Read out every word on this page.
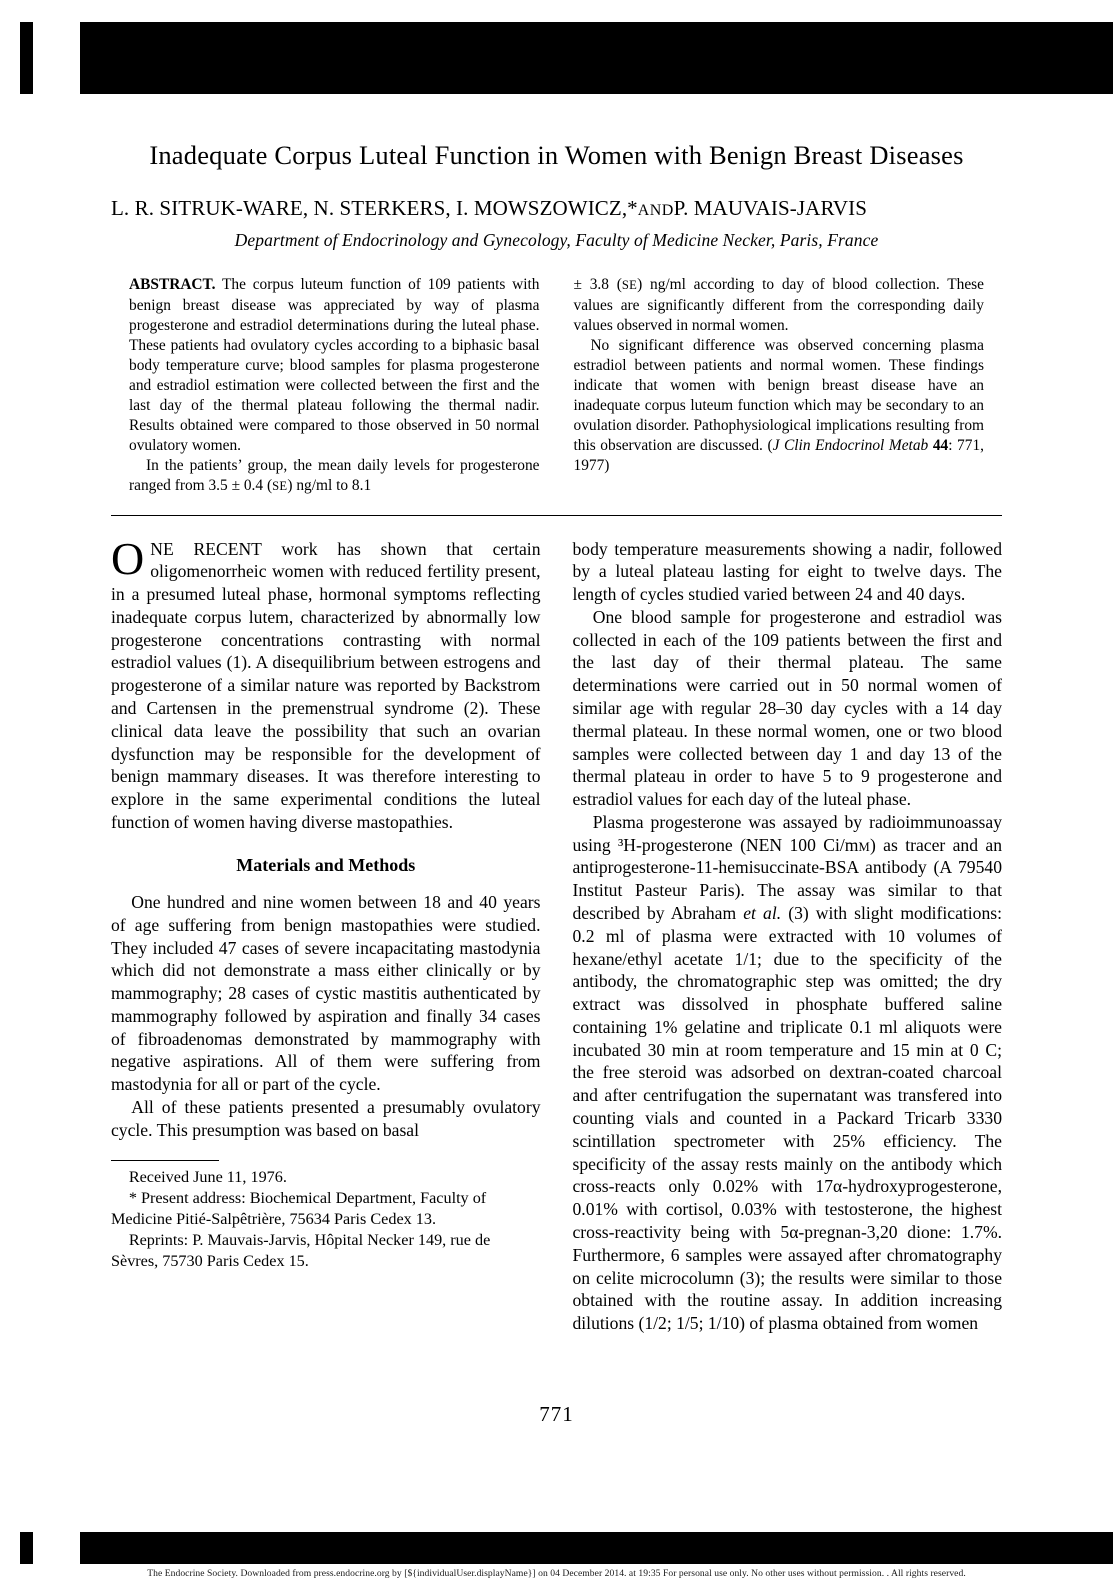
Inadequate Corpus Luteal Function in Women with Benign Breast Diseases
L. R. SITRUK-WARE, N. STERKERS, I. MOWSZOWICZ,*ANDP. MAUVAIS-JARVIS
Department of Endocrinology and Gynecology, Faculty of Medicine Necker, Paris, France

ABSTRACT. The corpus luteum function of 109 patients with benign breast disease was appreciated by way of plasma progesterone and estradiol determinations during the luteal phase. These patients had ovulatory cycles according to a biphasic basal body temperature curve; blood samples for plasma progesterone and estradiol estimation were collected between the first and the last day of the thermal plateau following the thermal nadir. Results obtained were compared to those observed in 50 normal ovulatory women.

In the patients’ group, the mean daily levels for progesterone ranged from 3.5 ± 0.4 (SE) ng/ml to 8.1

± 3.8 (SE) ng/ml according to day of blood collection. These values are significantly different from the corresponding daily values observed in normal women.

No significant difference was observed concerning plasma estradiol between patients and normal women. These findings indicate that women with benign breast disease have an inadequate corpus luteum function which may be secondary to an ovulation disorder. Pathophysiological implications resulting from this observation are discussed. (J Clin Endocrinol Metab 44: 771, 1977)

ONE RECENT work has shown that certain oligomenorrheic women with reduced fertility present, in a presumed luteal phase, hormonal symptoms reflecting inadequate corpus lutem, characterized by abnormally low progesterone concentrations contrasting with normal estradiol values (1). A disequilibrium between estrogens and progesterone of a similar nature was reported by Backstrom and Cartensen in the premenstrual syndrome (2). These clinical data leave the possibility that such an ovarian dysfunction may be responsible for the development of benign mammary diseases. It was therefore interesting to explore in the same experimental conditions the luteal function of women having diverse mastopathies.

Materials and Methods

One hundred and nine women between 18 and 40 years of age suffering from benign mastopathies were studied. They included 47 cases of severe incapacitating mastodynia which did not demonstrate a mass either clinically or by mammography; 28 cases of cystic mastitis authenticated by mammography followed by aspiration and finally 34 cases of fibroadenomas demonstrated by mammography with negative aspirations. All of them were suffering from mastodynia for all or part of the cycle.

All of these patients presented a presumably ovulatory cycle. This presumption was based on basal

Received June 11, 1976.

* Present address: Biochemical Department, Faculty of Medicine Pitié-Salpêtrière, 75634 Paris Cedex 13.

Reprints: P. Mauvais-Jarvis, Hôpital Necker 149, rue de Sèvres, 75730 Paris Cedex 15.

body temperature measurements showing a nadir, followed by a luteal plateau lasting for eight to twelve days. The length of cycles studied varied between 24 and 40 days.

One blood sample for progesterone and estradiol was collected in each of the 109 patients between the first and the last day of their thermal plateau. The same determinations were carried out in 50 normal women of similar age with regular 28–30 day cycles with a 14 day thermal plateau. In these normal women, one or two blood samples were collected between day 1 and day 13 of the thermal plateau in order to have 5 to 9 progesterone and estradiol values for each day of the luteal phase.

Plasma progesterone was assayed by radioimmunoassay using ³H-progesterone (NEN 100 Ci/mM) as tracer and an antiprogesterone-11-hemisuccinate-BSA antibody (A 79540 Institut Pasteur Paris). The assay was similar to that described by Abraham et al. (3) with slight modifications: 0.2 ml of plasma were extracted with 10 volumes of hexane/ethyl acetate 1/1; due to the specificity of the antibody, the chromatographic step was omitted; the dry extract was dissolved in phosphate buffered saline containing 1% gelatine and triplicate 0.1 ml aliquots were incubated 30 min at room temperature and 15 min at 0 C; the free steroid was adsorbed on dextran-coated charcoal and after centrifugation the supernatant was transfered into counting vials and counted in a Packard Tricarb 3330 scintillation spectrometer with 25% efficiency. The specificity of the assay rests mainly on the antibody which cross-reacts only 0.02% with 17α-hydroxyprogesterone, 0.01% with cortisol, 0.03% with testosterone, the highest cross-reactivity being with 5α-pregnan-3,20 dione: 1.7%. Furthermore, 6 samples were assayed after chromatography on celite microcolumn (3); the results were similar to those obtained with the routine assay. In addition increasing dilutions (1/2; 1/5; 1/10) of plasma obtained from women

771
The Endocrine Society. Downloaded from press.endocrine.org by [${individualUser.displayName}] on 04 December 2014. at 19:35 For personal use only. No other uses without permission. . All rights reserved.
